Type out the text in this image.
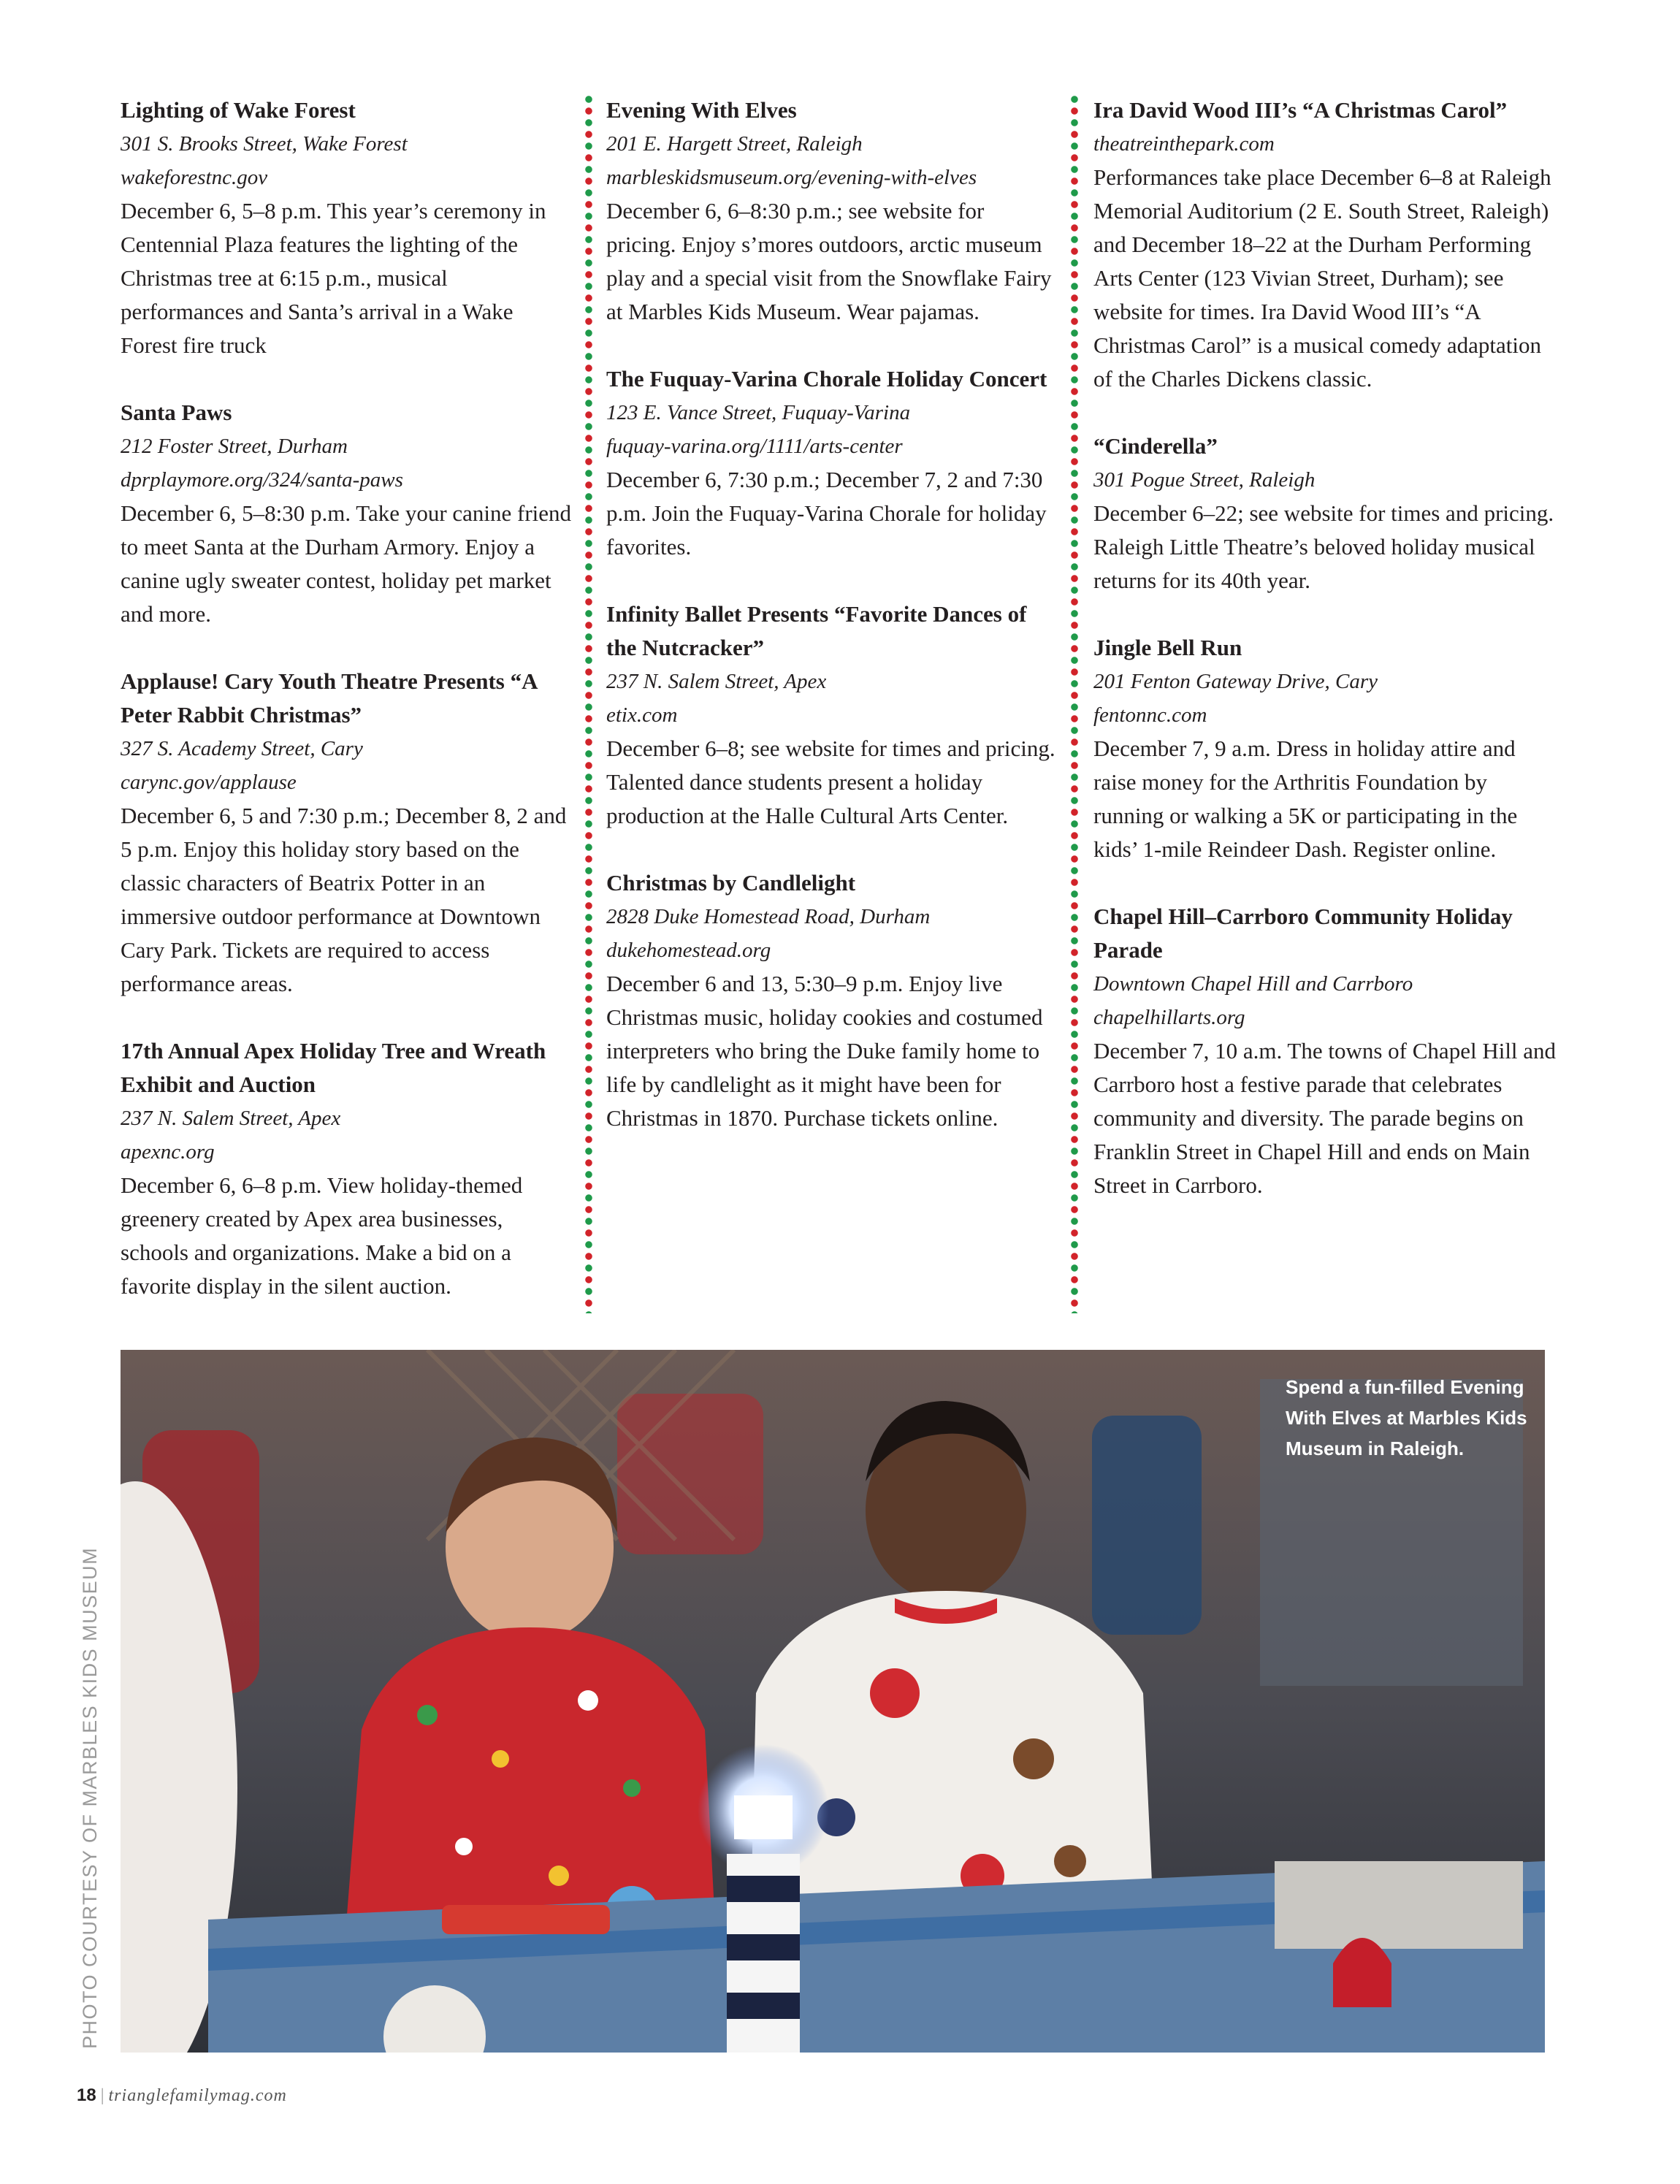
Lighting of Wake Forest
301 S. Brooks Street, Wake Forest
wakeforestnc.gov
December 6, 5–8 p.m. This year’s ceremony in Centennial Plaza features the lighting of the Christmas tree at 6:15 p.m., musical performances and Santa’s arrival in a Wake Forest fire truck
Santa Paws
212 Foster Street, Durham
dprplaymore.org/324/santa-paws
December 6, 5–8:30 p.m. Take your canine friend to meet Santa at the Durham Armory. Enjoy a canine ugly sweater contest, holiday pet market and more.
Applause! Cary Youth Theatre Presents “A Peter Rabbit Christmas”
327 S. Academy Street, Cary
carync.gov/applause
December 6, 5 and 7:30 p.m.; December 8, 2 and 5 p.m. Enjoy this holiday story based on the classic characters of Beatrix Potter in an immersive outdoor performance at Downtown Cary Park. Tickets are required to access performance areas.
17th Annual Apex Holiday Tree and Wreath Exhibit and Auction
237 N. Salem Street, Apex
apexnc.org
December 6, 6–8 p.m. View holiday-themed greenery created by Apex area businesses, schools and organizations. Make a bid on a favorite display in the silent auction.
Evening With Elves
201 E. Hargett Street, Raleigh
marbleskidsmuseum.org/evening-with-elves
December 6, 6–8:30 p.m.; see website for pricing. Enjoy s’mores outdoors, arctic museum play and a special visit from the Snowflake Fairy at Marbles Kids Museum. Wear pajamas.
The Fuquay-Varina Chorale Holiday Concert
123 E. Vance Street, Fuquay-Varina
fuquay-varina.org/1111/arts-center
December 6, 7:30 p.m.; December 7, 2 and 7:30 p.m. Join the Fuquay-Varina Chorale for holiday favorites.
Infinity Ballet Presents “Favorite Dances of the Nutcracker”
237 N. Salem Street, Apex
etix.com
December 6–8; see website for times and pricing. Talented dance students present a holiday production at the Halle Cultural Arts Center.
Christmas by Candlelight
2828 Duke Homestead Road, Durham
dukehomestead.org
December 6 and 13, 5:30–9 p.m. Enjoy live Christmas music, holiday cookies and costumed interpreters who bring the Duke family home to life by candlelight as it might have been for Christmas in 1870. Purchase tickets online.
Ira David Wood III’s “A Christmas Carol”
theatreinthepark.com
Performances take place December 6–8 at Raleigh Memorial Auditorium (2 E. South Street, Raleigh) and December 18–22 at the Durham Performing Arts Center (123 Vivian Street, Durham); see website for times. Ira David Wood III’s “A Christmas Carol” is a musical comedy adaptation of the Charles Dickens classic.
“Cinderella”
301 Pogue Street, Raleigh
December 6–22; see website for times and pricing. Raleigh Little Theatre’s beloved holiday musical returns for its 40th year.
Jingle Bell Run
201 Fenton Gateway Drive, Cary
fentonnc.com
December 7, 9 a.m. Dress in holiday attire and raise money for the Arthritis Foundation by running or walking a 5K or participating in the kids’ 1-mile Reindeer Dash. Register online.
Chapel Hill–Carrboro Community Holiday Parade
Downtown Chapel Hill and Carrboro
chapelhillarts.org
December 7, 10 a.m. The towns of Chapel Hill and Carrboro host a festive parade that celebrates community and diversity. The parade begins on Franklin Street in Chapel Hill and ends on Main Street in Carrboro.
Spend a fun-filled Evening With Elves at Marbles Kids Museum in Raleigh.
PHOTO COURTESY OF MARBLES KIDS MUSEUM
18 | trianglefamilymag.com
